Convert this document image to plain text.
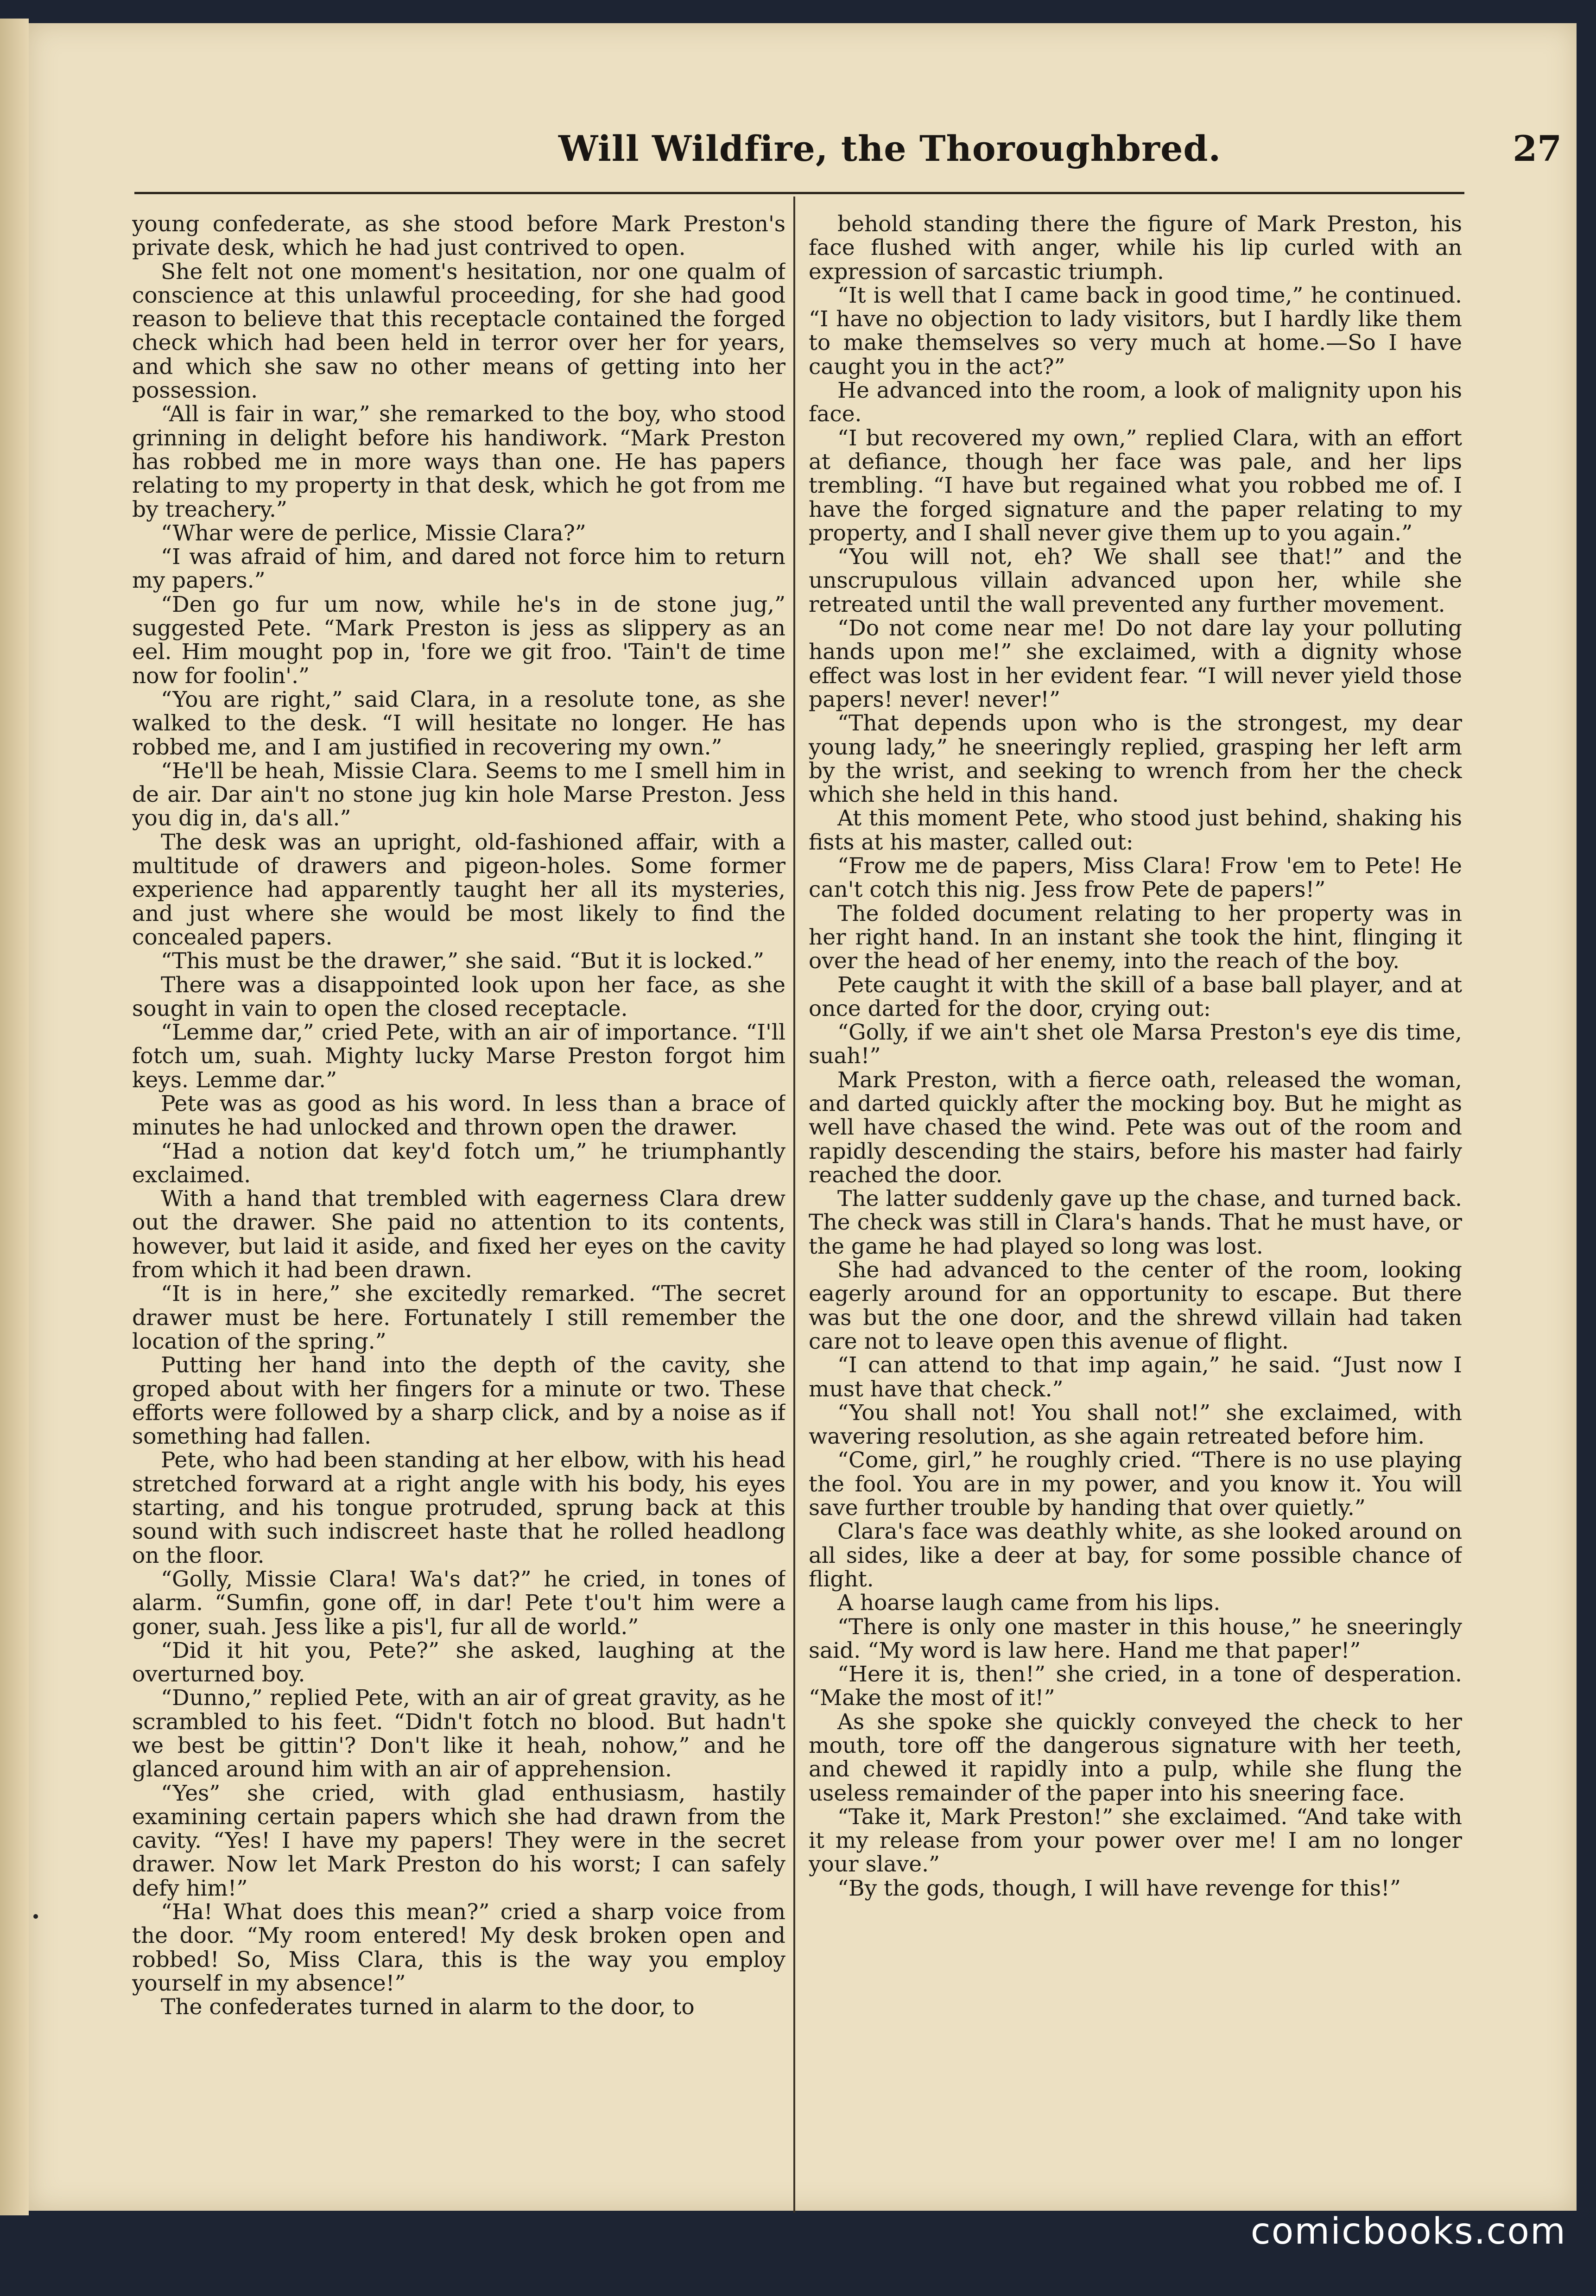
Will Wildfire, the Thoroughbred.	27

young confederate, as she stood before Mark Preston's private desk, which he had just contrived to open.

She felt not one moment's hesitation, nor one qualm of conscience at this unlawful proceeding, for she had good reason to believe that this receptacle contained the forged check which had been held in terror over her for years, and which she saw no other means of getting into her possession.

“All is fair in war,” she remarked to the boy, who stood grinning in delight before his handiwork. “Mark Preston has robbed me in more ways than one. He has papers relating to my property in that desk, which he got from me by treachery.”

“Whar were de perlice, Missie Clara?”

“I was afraid of him, and dared not force him to return my papers.”

“Den go fur um now, while he's in de stone jug,” suggested Pete. “Mark Preston is jess as slippery as an eel. Him mought pop in, 'fore we git froo. 'Tain't de time now for foolin'.”

“You are right,” said Clara, in a resolute tone, as she walked to the desk. “I will hesitate no longer. He has robbed me, and I am justified in recovering my own.”

“He'll be heah, Missie Clara. Seems to me I smell him in de air. Dar ain't no stone jug kin hole Marse Preston. Jess you dig in, da's all.”

The desk was an upright, old-fashioned affair, with a multitude of drawers and pigeon-holes. Some former experience had apparently taught her all its mysteries, and just where she would be most likely to find the concealed papers.

“This must be the drawer,” she said. “But it is locked.”

There was a disappointed look upon her face, as she sought in vain to open the closed receptacle.

“Lemme dar,” cried Pete, with an air of importance. “I'll fotch um, suah. Mighty lucky Marse Preston forgot him keys. Lemme dar.”

Pete was as good as his word. In less than a brace of minutes he had unlocked and thrown open the drawer.

“Had a notion dat key'd fotch um,” he triumphantly exclaimed.

With a hand that trembled with eagerness Clara drew out the drawer. She paid no attention to its contents, however, but laid it aside, and fixed her eyes on the cavity from which it had been drawn.

“It is in here,” she excitedly remarked. “The secret drawer must be here. Fortunately I still remember the location of the spring.”

Putting her hand into the depth of the cavity, she groped about with her fingers for a minute or two. These efforts were followed by a sharp click, and by a noise as if something had fallen.

Pete, who had been standing at her elbow, with his head stretched forward at a right angle with his body, his eyes starting, and his tongue protruded, sprung back at this sound with such indiscreet haste that he rolled headlong on the floor.

“Golly, Missie Clara! Wa's dat?” he cried, in tones of alarm. “Sumfin, gone off, in dar! Pete t'ou't him were a goner, suah. Jess like a pis'l, fur all de world.”

“Did it hit you, Pete?” she asked, laughing at the overturned boy.

“Dunno,” replied Pete, with an air of great gravity, as he scrambled to his feet. “Didn't fotch no blood. But hadn't we best be gittin'? Don't like it heah, nohow,” and he glanced around him with an air of apprehension.

“Yes” she cried, with glad enthusiasm, hastily examining certain papers which she had drawn from the cavity. “Yes! I have my papers! They were in the secret drawer. Now let Mark Preston do his worst; I can safely defy him!”

“Ha! What does this mean?” cried a sharp voice from the door. “My room entered! My desk broken open and robbed! So, Miss Clara, this is the way you employ yourself in my absence!”

The confederates turned in alarm to the door, to

behold standing there the figure of Mark Preston, his face flushed with anger, while his lip curled with an expression of sarcastic triumph.

“It is well that I came back in good time,” he continued. “I have no objection to lady visitors, but I hardly like them to make themselves so very much at home.—So I have caught you in the act?”

He advanced into the room, a look of malignity upon his face.

“I but recovered my own,” replied Clara, with an effort at defiance, though her face was pale, and her lips trembling. “I have but regained what you robbed me of. I have the forged signature and the paper relating to my property, and I shall never give them up to you again.”

“You will not, eh? We shall see that!” and the unscrupulous villain advanced upon her, while she retreated until the wall prevented any further movement.

“Do not come near me! Do not dare lay your polluting hands upon me!” she exclaimed, with a dignity whose effect was lost in her evident fear. “I will never yield those papers! never! never!”

“That depends upon who is the strongest, my dear young lady,” he sneeringly replied, grasping her left arm by the wrist, and seeking to wrench from her the check which she held in this hand.

At this moment Pete, who stood just behind, shaking his fists at his master, called out:

“Frow me de papers, Miss Clara! Frow 'em to Pete! He can't cotch this nig. Jess frow Pete de papers!”

The folded document relating to her property was in her right hand. In an instant she took the hint, flinging it over the head of her enemy, into the reach of the boy.

Pete caught it with the skill of a base ball player, and at once darted for the door, crying out:

“Golly, if we ain't shet ole Marsa Preston's eye dis time, suah!”

Mark Preston, with a fierce oath, released the woman, and darted quickly after the mocking boy. But he might as well have chased the wind. Pete was out of the room and rapidly descending the stairs, before his master had fairly reached the door.

The latter suddenly gave up the chase, and turned back. The check was still in Clara's hands. That he must have, or the game he had played so long was lost.

She had advanced to the center of the room, looking eagerly around for an opportunity to escape. But there was but the one door, and the shrewd villain had taken care not to leave open this avenue of flight.

“I can attend to that imp again,” he said. “Just now I must have that check.”

“You shall not! You shall not!” she exclaimed, with wavering resolution, as she again retreated before him.

“Come, girl,” he roughly cried. “There is no use playing the fool. You are in my power, and you know it. You will save further trouble by handing that over quietly.”

Clara's face was deathly white, as she looked around on all sides, like a deer at bay, for some possible chance of flight.

A hoarse laugh came from his lips.

“There is only one master in this house,” he sneeringly said. “My word is law here. Hand me that paper!”

“Here it is, then!” she cried, in a tone of desperation. “Make the most of it!”

As she spoke she quickly conveyed the check to her mouth, tore off the dangerous signature with her teeth, and chewed it rapidly into a pulp, while she flung the useless remainder of the paper into his sneering face.

“Take it, Mark Preston!” she exclaimed. “And take with it my release from your power over me! I am no longer your slave.”

“By the gods, though, I will have revenge for this!”

comicbooks.com
